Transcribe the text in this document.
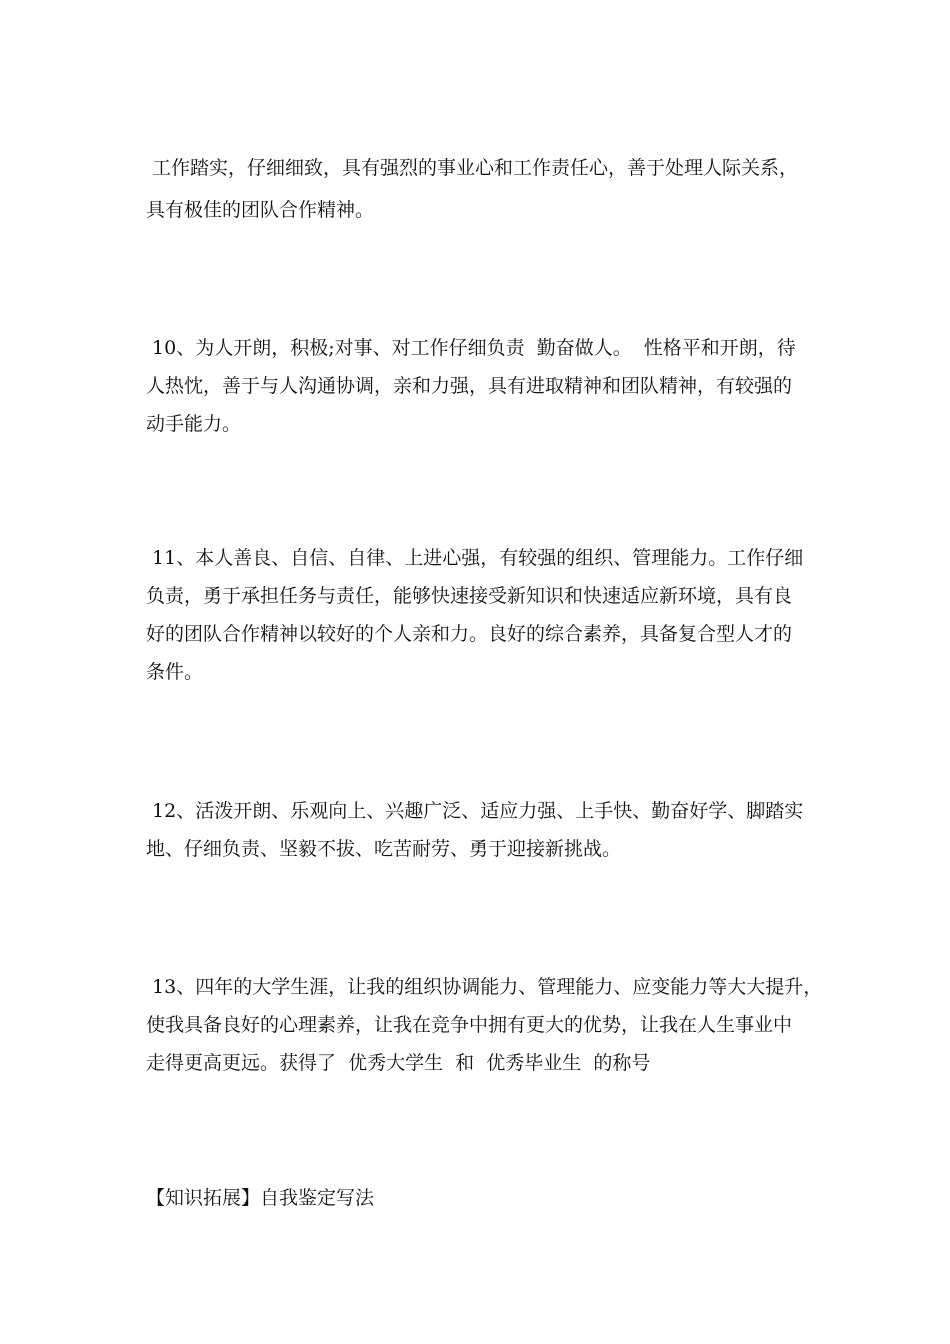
工作踏实，仔细细致，具有强烈的事业心和工作责任心，善于处理人际关系，

具有极佳的团队合作精神。

10、为人开朗，积极;对事、对工作仔细负责  勤奋做人。  性格平和开朗，待

人热忱，善于与人沟通协调，亲和力强，具有进取精神和团队精神，有较强的

动手能力。

11、本人善良、自信、自律、上进心强，有较强的组织、管理能力。工作仔细

负责，勇于承担任务与责任，能够快速接受新知识和快速适应新环境，具有良

好的团队合作精神以较好的个人亲和力。良好的综合素养，具备复合型人才的

条件。

12、活泼开朗、乐观向上、兴趣广泛、适应力强、上手快、勤奋好学、脚踏实

地、仔细负责、坚毅不拔、吃苦耐劳、勇于迎接新挑战。

13、四年的大学生涯，让我的组织协调能力、管理能力、应变能力等大大提升，

使我具备良好的心理素养，让我在竞争中拥有更大的优势，让我在人生事业中

走得更高更远。获得了  优秀大学生  和  优秀毕业生  的称号

【知识拓展】自我鉴定写法
